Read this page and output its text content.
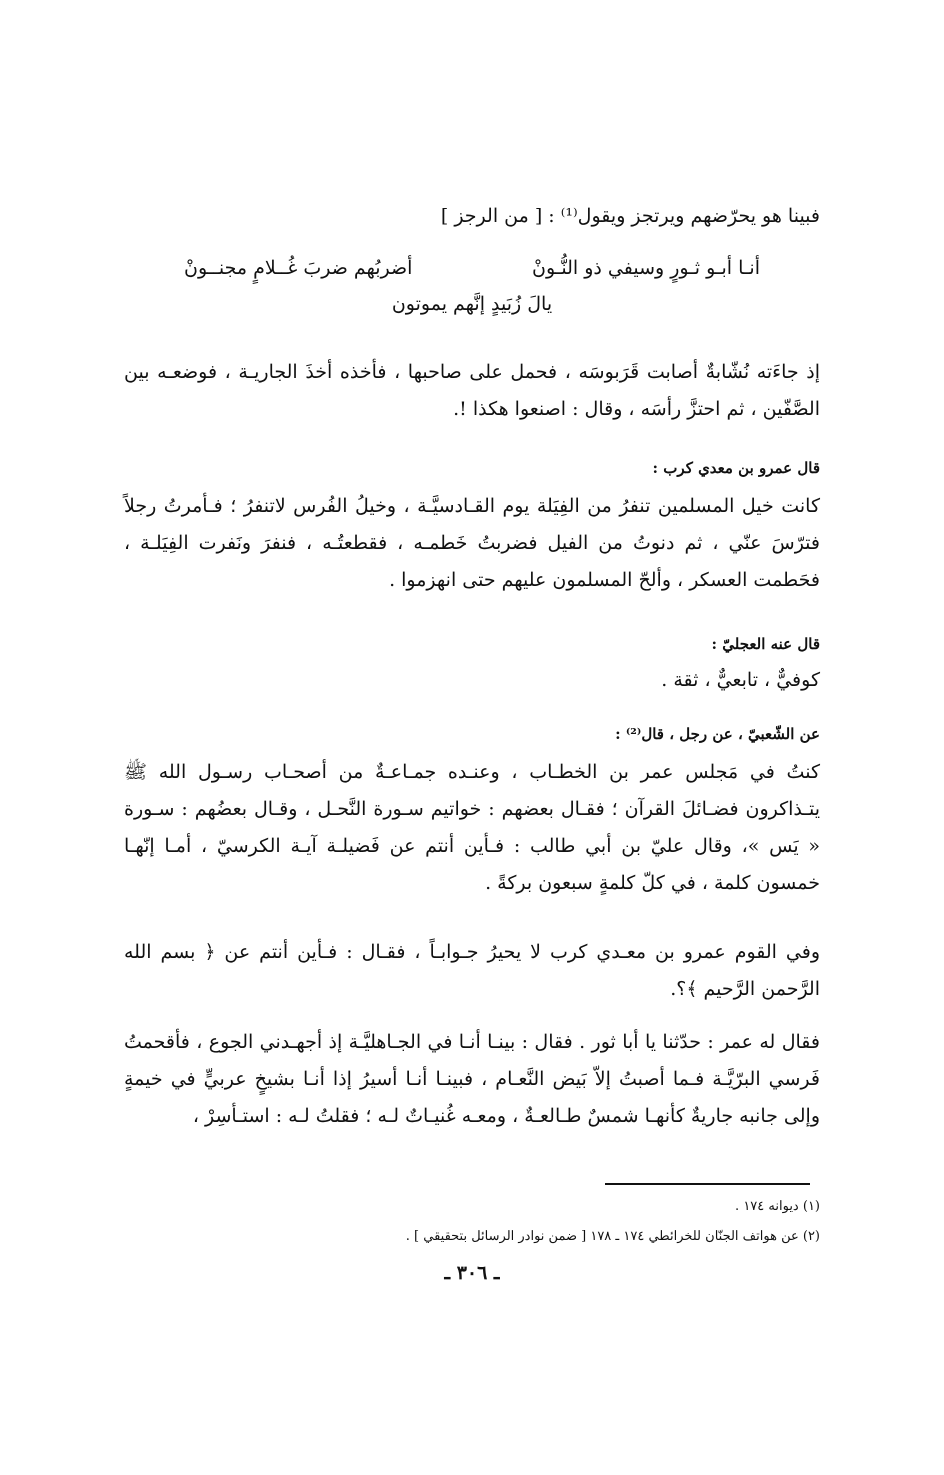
فبينا هو يحرّضهم ويرتجز ويقول⁽¹⁾ : [ من الرجز ]

أنـا أبـو ثـورٍ وسيفي ذو النُّـونْ
أضربُهم ضربَ غُــلامٍ مجنــونْ
يالَ زُبَيدٍ إنَّهم يموتون

إذ جاءَته نُشّابةٌ أصابت قَرَبوسَه ، فحمل على صاحبها ، فأخذه أخذَ الجاريـة ، فوضعـه بين الصَّفّين ، ثم احتزَّ رأسَه ، وقال : اصنعوا هكذا !.

قال عمرو بن معدي كرب :

كانت خيل المسلمين تنفرُ من الفِيَلة يوم القـادسيَّـة ، وخيلُ الفُرس لاتنفرُ ؛ فـأمرتُ رجلاً فترّسَ عنّي ، ثم دنوتُ من الفيل فضربتُ خَطمـه ، فقطعتُـه ، فنفرَ ونَفرت الفِيَلـة ، فحَطمت العسكر ، وألحّ المسلمون عليهم حتى انهزموا .

قال عنه العجليّ :

كوفيٌّ ، تابعيٌّ ، ثقة .

عن الشّعبيّ ، عن رجل ، قال⁽²⁾ :

كنتُ في مَجلس عمر بن الخطـاب ، وعنـده جمـاعـةٌ من أصحـاب رسـول الله ﷺ يتـذاكرون فضـائلَ القرآن ؛ فقـال بعضهم : خواتيم سـورة النَّحـل ، وقـال بعضُهم : سـورة « يَس »، وقال عليّ بن أبي طالب : فـأين أنتم عن فَضيلـة آيـة الكرسيّ ، أمـا إنّهـا خمسون كلمة ، في كلّ كلمةٍ سبعون بركةً .

وفي القوم عمرو بن معـدي كرب لا يحيرُ جـوابـاً ، فقـال : فـأين أنتم عن ﴿ بسم الله الرَّحمن الرَّحيم ﴾؟.

فقال له عمر : حدّثنا يا أبا ثور . فقال : بينـا أنـا في الجـاهليَّـة إذ أجهـدني الجوع ، فأقحمتُ فَرسي البرّيَّـة فـما أصبتُ إلاّ بَيض النَّعـام ، فبينـا أنـا أسيرُ إذا أنـا بشيخٍ عربيٍّ في خيمةٍ وإلى جانبه جاريةٌ كأنهـا شمسٌ طـالعـةٌ ، ومعـه غُنيـاتٌ لـه ؛ فقلتُ لـه : استـأسِرْ ،

(١) ديوانه ١٧٤ .
(٢) عن هواتف الجنّان للخرائطي ١٧٤ ـ ١٧٨ [ ضمن نوادر الرسائل بتحقيقي ] .
ـ ٣٠٦ ـ
